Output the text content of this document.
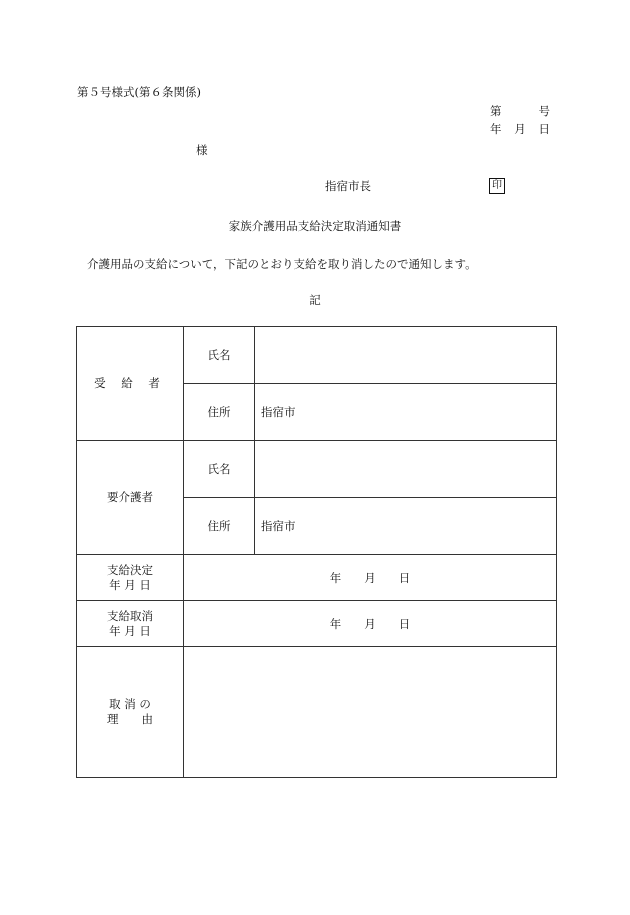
第５号様式(第６条関係)
第	号
年 月 日
様
指宿市長	印
家族介護用品支給決定取消通知書
介護用品の支給について，下記のとおり支給を取り消したので通知します。
記
受 給 者	氏名	
	住所	指宿市
要介護者	氏名	
	住所	指宿市

支給決定
年 月 日	年　　月　　日	

支給取消
年 月 日	年　　月　　日	

取 消 の
理　　由		
